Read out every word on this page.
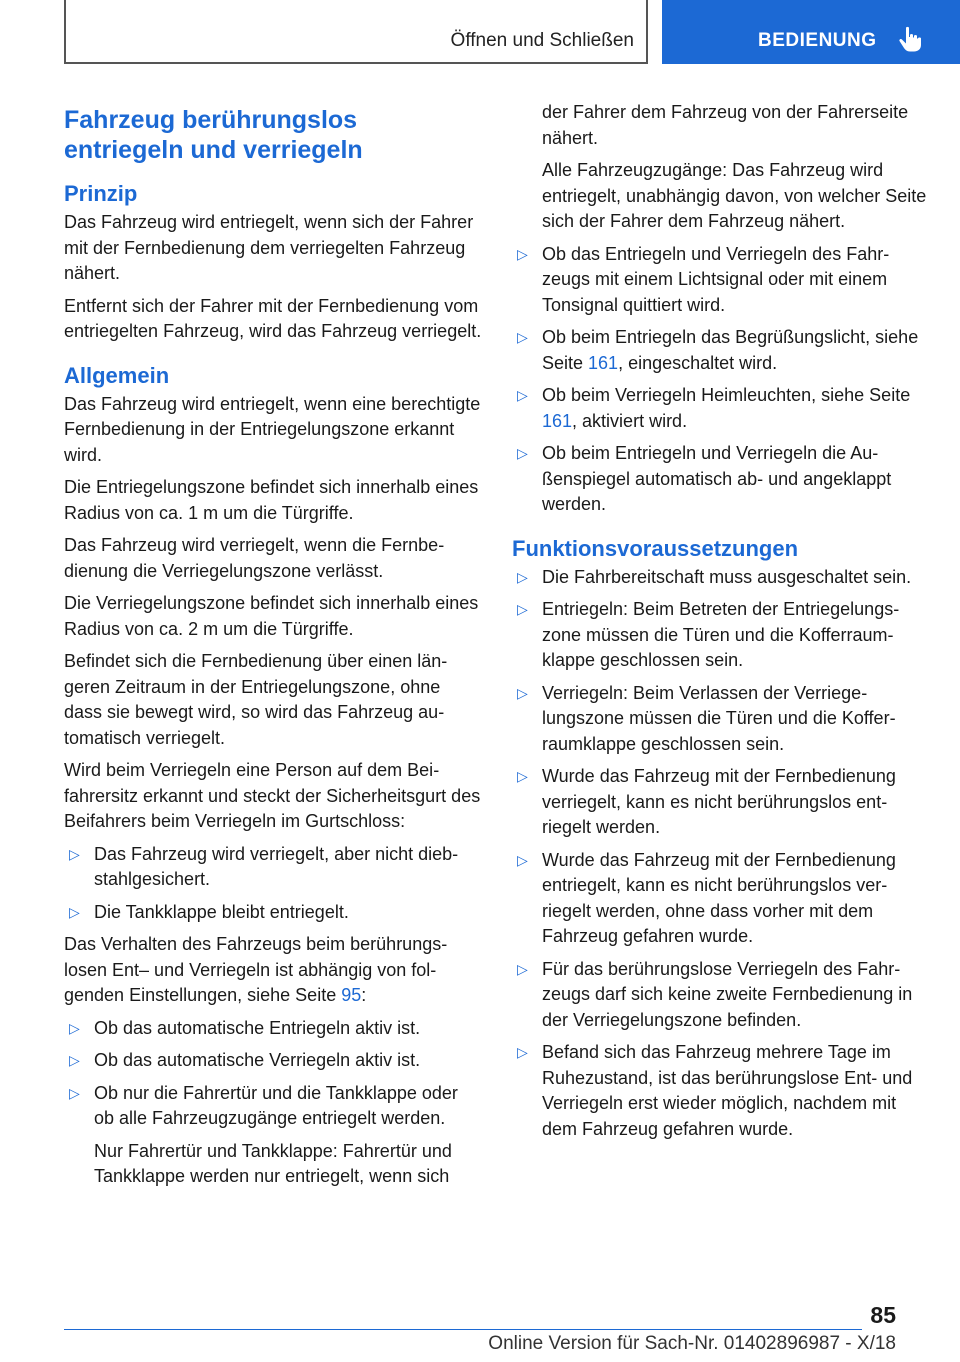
Öffnen und Schließen	BEDIENUNG
Fahrzeug berührungslos entriegeln und verriegeln
Prinzip

Das Fahrzeug wird entriegelt, wenn sich der Fahrer mit der Fernbedienung dem verriegelten Fahrzeug nähert.

Entfernt sich der Fahrer mit der Fernbedienung vom entriegelten Fahrzeug, wird das Fahrzeug verriegelt.

Allgemein

Das Fahrzeug wird entriegelt, wenn eine berechtigte Fernbedienung in der Entriegelungszone erkannt wird.

Die Entriegelungszone befindet sich innerhalb eines Radius von ca. 1 m um die Türgriffe.

Das Fahrzeug wird verriegelt, wenn die Fernbedienung die Verriegelungszone verlässt.

Die Verriegelungszone befindet sich innerhalb eines Radius von ca. 2 m um die Türgriffe.

Befindet sich die Fernbedienung über einen längeren Zeitraum in der Entriegelungszone, ohne dass sie bewegt wird, so wird das Fahrzeug automatisch verriegelt.

Wird beim Verriegeln eine Person auf dem Beifahrersitz erkannt und steckt der Sicherheitsgurt des Beifahrers beim Verriegeln im Gurtschloss:

▷ Das Fahrzeug wird verriegelt, aber nicht diebstahlgesichert.
▷ Die Tankklappe bleibt entriegelt.

Das Verhalten des Fahrzeugs beim berührungslosen Ent– und Verriegeln ist abhängig von folgenden Einstellungen, siehe Seite 95:

▷ Ob das automatische Entriegeln aktiv ist.
▷ Ob das automatische Verriegeln aktiv ist.
▷ Ob nur die Fahrertür und die Tankklappe oder ob alle Fahrzeugzugänge entriegelt werden.

Nur Fahrertür und Tankklappe: Fahrertür und Tankklappe werden nur entriegelt, wenn sich

der Fahrer dem Fahrzeug von der Fahrerseite nähert.

Alle Fahrzeugzugänge: Das Fahrzeug wird entriegelt, unabhängig davon, von welcher Seite sich der Fahrer dem Fahrzeug nähert.

▷ Ob das Entriegeln und Verriegeln des Fahrzeugs mit einem Lichtsignal oder mit einem Tonsignal quittiert wird.
▷ Ob beim Entriegeln das Begrüßungslicht, siehe Seite 161, eingeschaltet wird.
▷ Ob beim Verriegeln Heimleuchten, siehe Seite 161, aktiviert wird.
▷ Ob beim Entriegeln und Verriegeln die Außenspiegel automatisch ab- und angeklappt werden.
Funktionsvoraussetzungen
▷ Die Fahrbereitschaft muss ausgeschaltet sein.
▷ Entriegeln: Beim Betreten der Entriegelungszone müssen die Türen und die Kofferraumklappe geschlossen sein.
▷ Verriegeln: Beim Verlassen der Verriegelungszone müssen die Türen und die Kofferraumklappe geschlossen sein.
▷ Wurde das Fahrzeug mit der Fernbedienung verriegelt, kann es nicht berührungslos entriegelt werden.
▷ Wurde das Fahrzeug mit der Fernbedienung entriegelt, kann es nicht berührungslos verriegelt werden, ohne dass vorher mit dem Fahrzeug gefahren wurde.
▷ Für das berührungslose Verriegeln des Fahrzeugs darf sich keine zweite Fernbedienung in der Verriegelungszone befinden.
▷ Befand sich das Fahrzeug mehrere Tage im Ruhezustand, ist das berührungslose Ent- und Verriegeln erst wieder möglich, nachdem mit dem Fahrzeug gefahren wurde.
85
Online Version für Sach-Nr. 01402896987 - X/18
